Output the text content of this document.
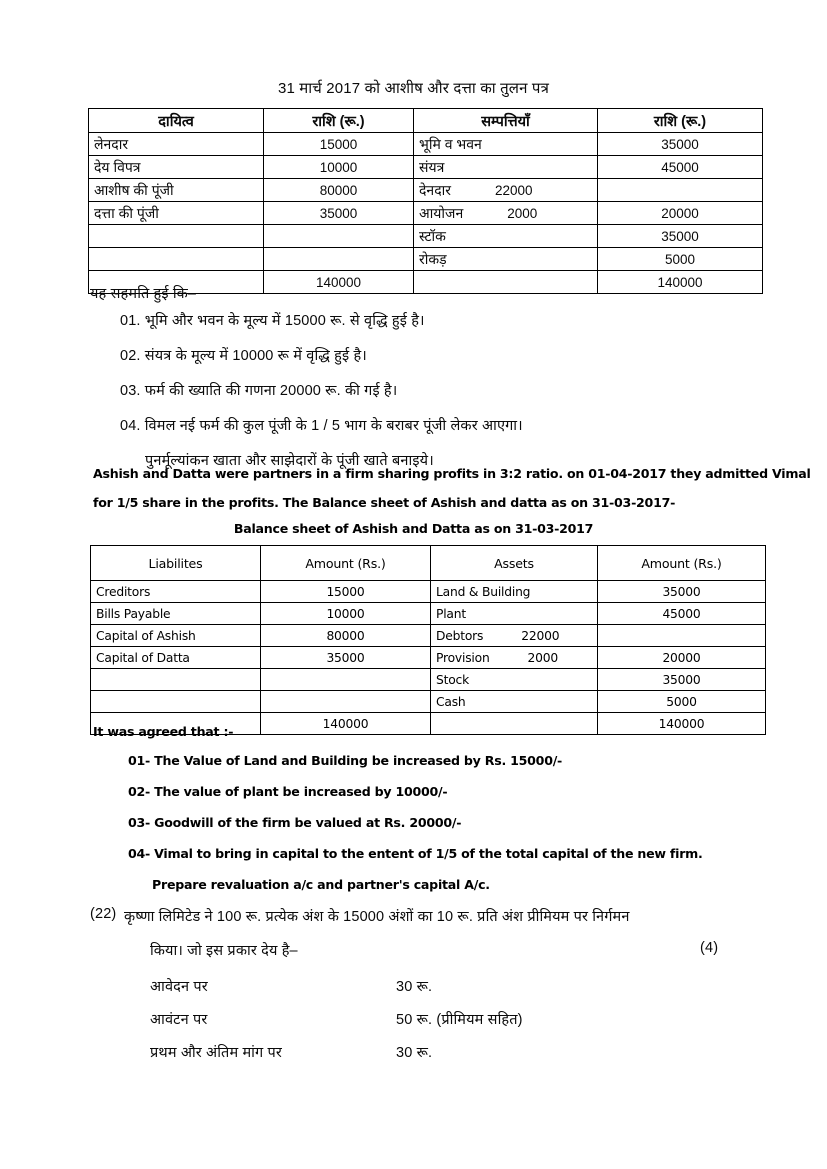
31 मार्च 2017 को आशीष और दत्ता का तुलन पत्र
दायित्व	राशि (रू.)	सम्पत्तियाँ	राशि (रू.)
लेनदार	15000	भूमि व भवन	35000
देय विपत्र	10000	संयत्र	45000
आशीष की पूंजी	80000	देनदार 22000	
दत्ता की पूंजी	35000	आयोजन 2000	20000
		स्टॉक	35000
		रोकड़	5000
	140000		140000
यह सहमति हुई कि–
01. भूमि और भवन के मूल्य में 15000 रू. से वृद्धि हुई है।
02. संयत्र के मूल्य में 10000 रू में वृद्धि हुई है।
03. फर्म की ख्याति की गणना 20000 रू. की गई है।
04. विमल नई फर्म की कुल पूंजी के 1 / 5 भाग के बराबर पूंजी लेकर आएगा।
पुनर्मूल्यांकन खाता और साझेदारों के पूंजी खाते बनाइये।
Ashish and Datta were partners in a firm sharing profits in 3:2 ratio. on 01-04-2017 they admitted Vimal
for 1/5 share in the profits. The Balance sheet of Ashish and datta as on 31-03-2017-
Balance sheet of Ashish and Datta as on 31-03-2017
Liabilites	Amount (Rs.)	Assets	Amount (Rs.)
Creditors	15000	Land & Building	35000
Bills Payable	10000	Plant	45000
Capital of Ashish	80000	Debtors 22000	
Capital of Datta	35000	Provision 2000	20000
		Stock	35000
		Cash	5000
	140000		140000
It was agreed that :-
01- The Value of Land and Building be increased by Rs. 15000/-
02- The value of plant be increased by 10000/-
03- Goodwill of the firm be valued at Rs. 20000/-
04- Vimal to bring in capital to the entent of 1/5 of the total capital of the new firm.
Prepare revaluation a/c and partner's capital A/c.
(22) कृष्णा लिमिटेड ने 100 रू. प्रत्येक अंश के 15000 अंशों का 10 रू. प्रति अंश प्रीमियम पर निर्गमन
किया। जो इस प्रकार देय है–	(4)
आवेदन पर	30 रू.
आवंटन पर	50 रू. (प्रीमियम सहित)
प्रथम और अंतिम मांग पर	30 रू.
